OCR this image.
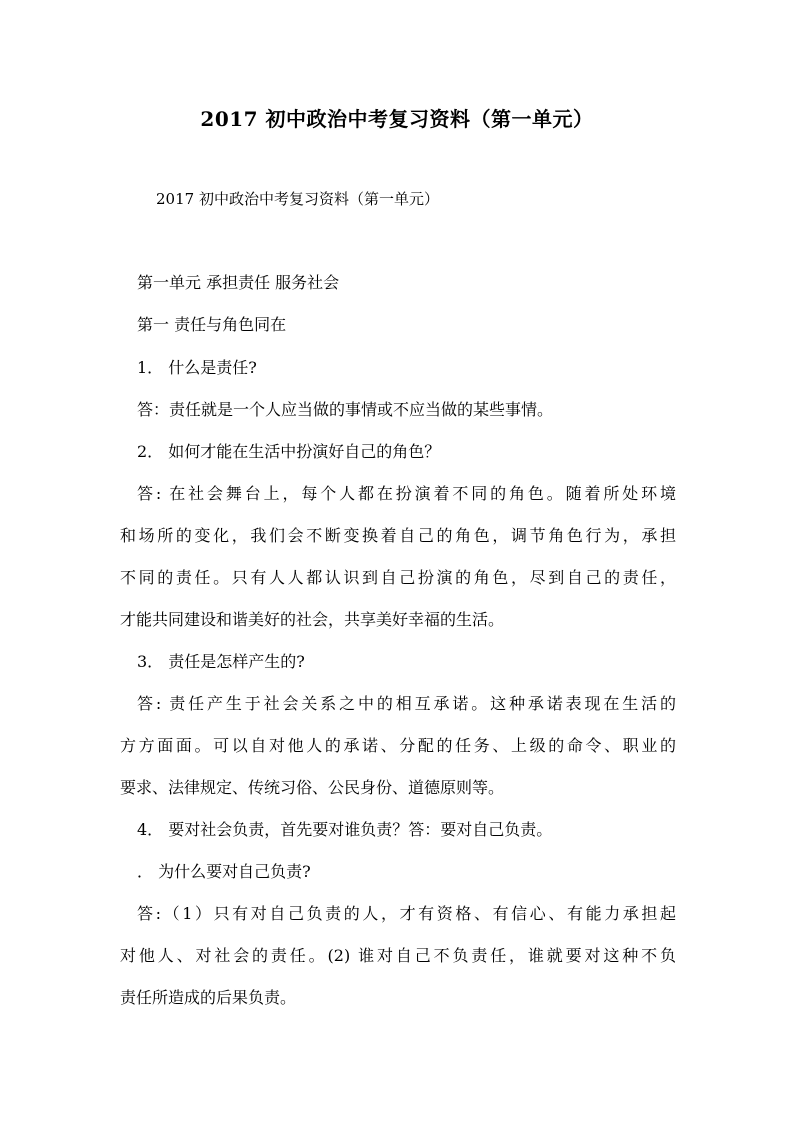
2017 初中政治中考复习资料（第一单元）
2017 初中政治中考复习资料（第一单元）
第一单元 承担责任 服务社会
第一 责任与角色同在
1． 什么是责任?
答：责任就是一个人应当做的事情或不应当做的某些事情。
2． 如何才能在生活中扮演好自己的角色？
答: 在社会舞台上，每个人都在扮演着不同的角色。随着所处环境
和场所的变化，我们会不断变换着自己的角色，调节角色行为，承担
不同的责任。只有人人都认识到自己扮演的角色，尽到自己的责任，
才能共同建设和谐美好的社会，共享美好幸福的生活。
3． 责任是怎样产生的?
答: 责任产生于社会关系之中的相互承诺。这种承诺表现在生活的
方方面面。可以自对他人的承诺、分配的任务、上级的命令、职业的
要求、法律规定、传统习俗、公民身份、道德原则等。
4． 要对社会负责，首先要对谁负责？答：要对自己负责。
． 为什么要对自己负责?
答:（1）只有对自己负责的人，才有资格、有信心、有能力承担起
对他人、对社会的责任。(2) 谁对自己不负责任，谁就要对这种不负
责任所造成的后果负责。
